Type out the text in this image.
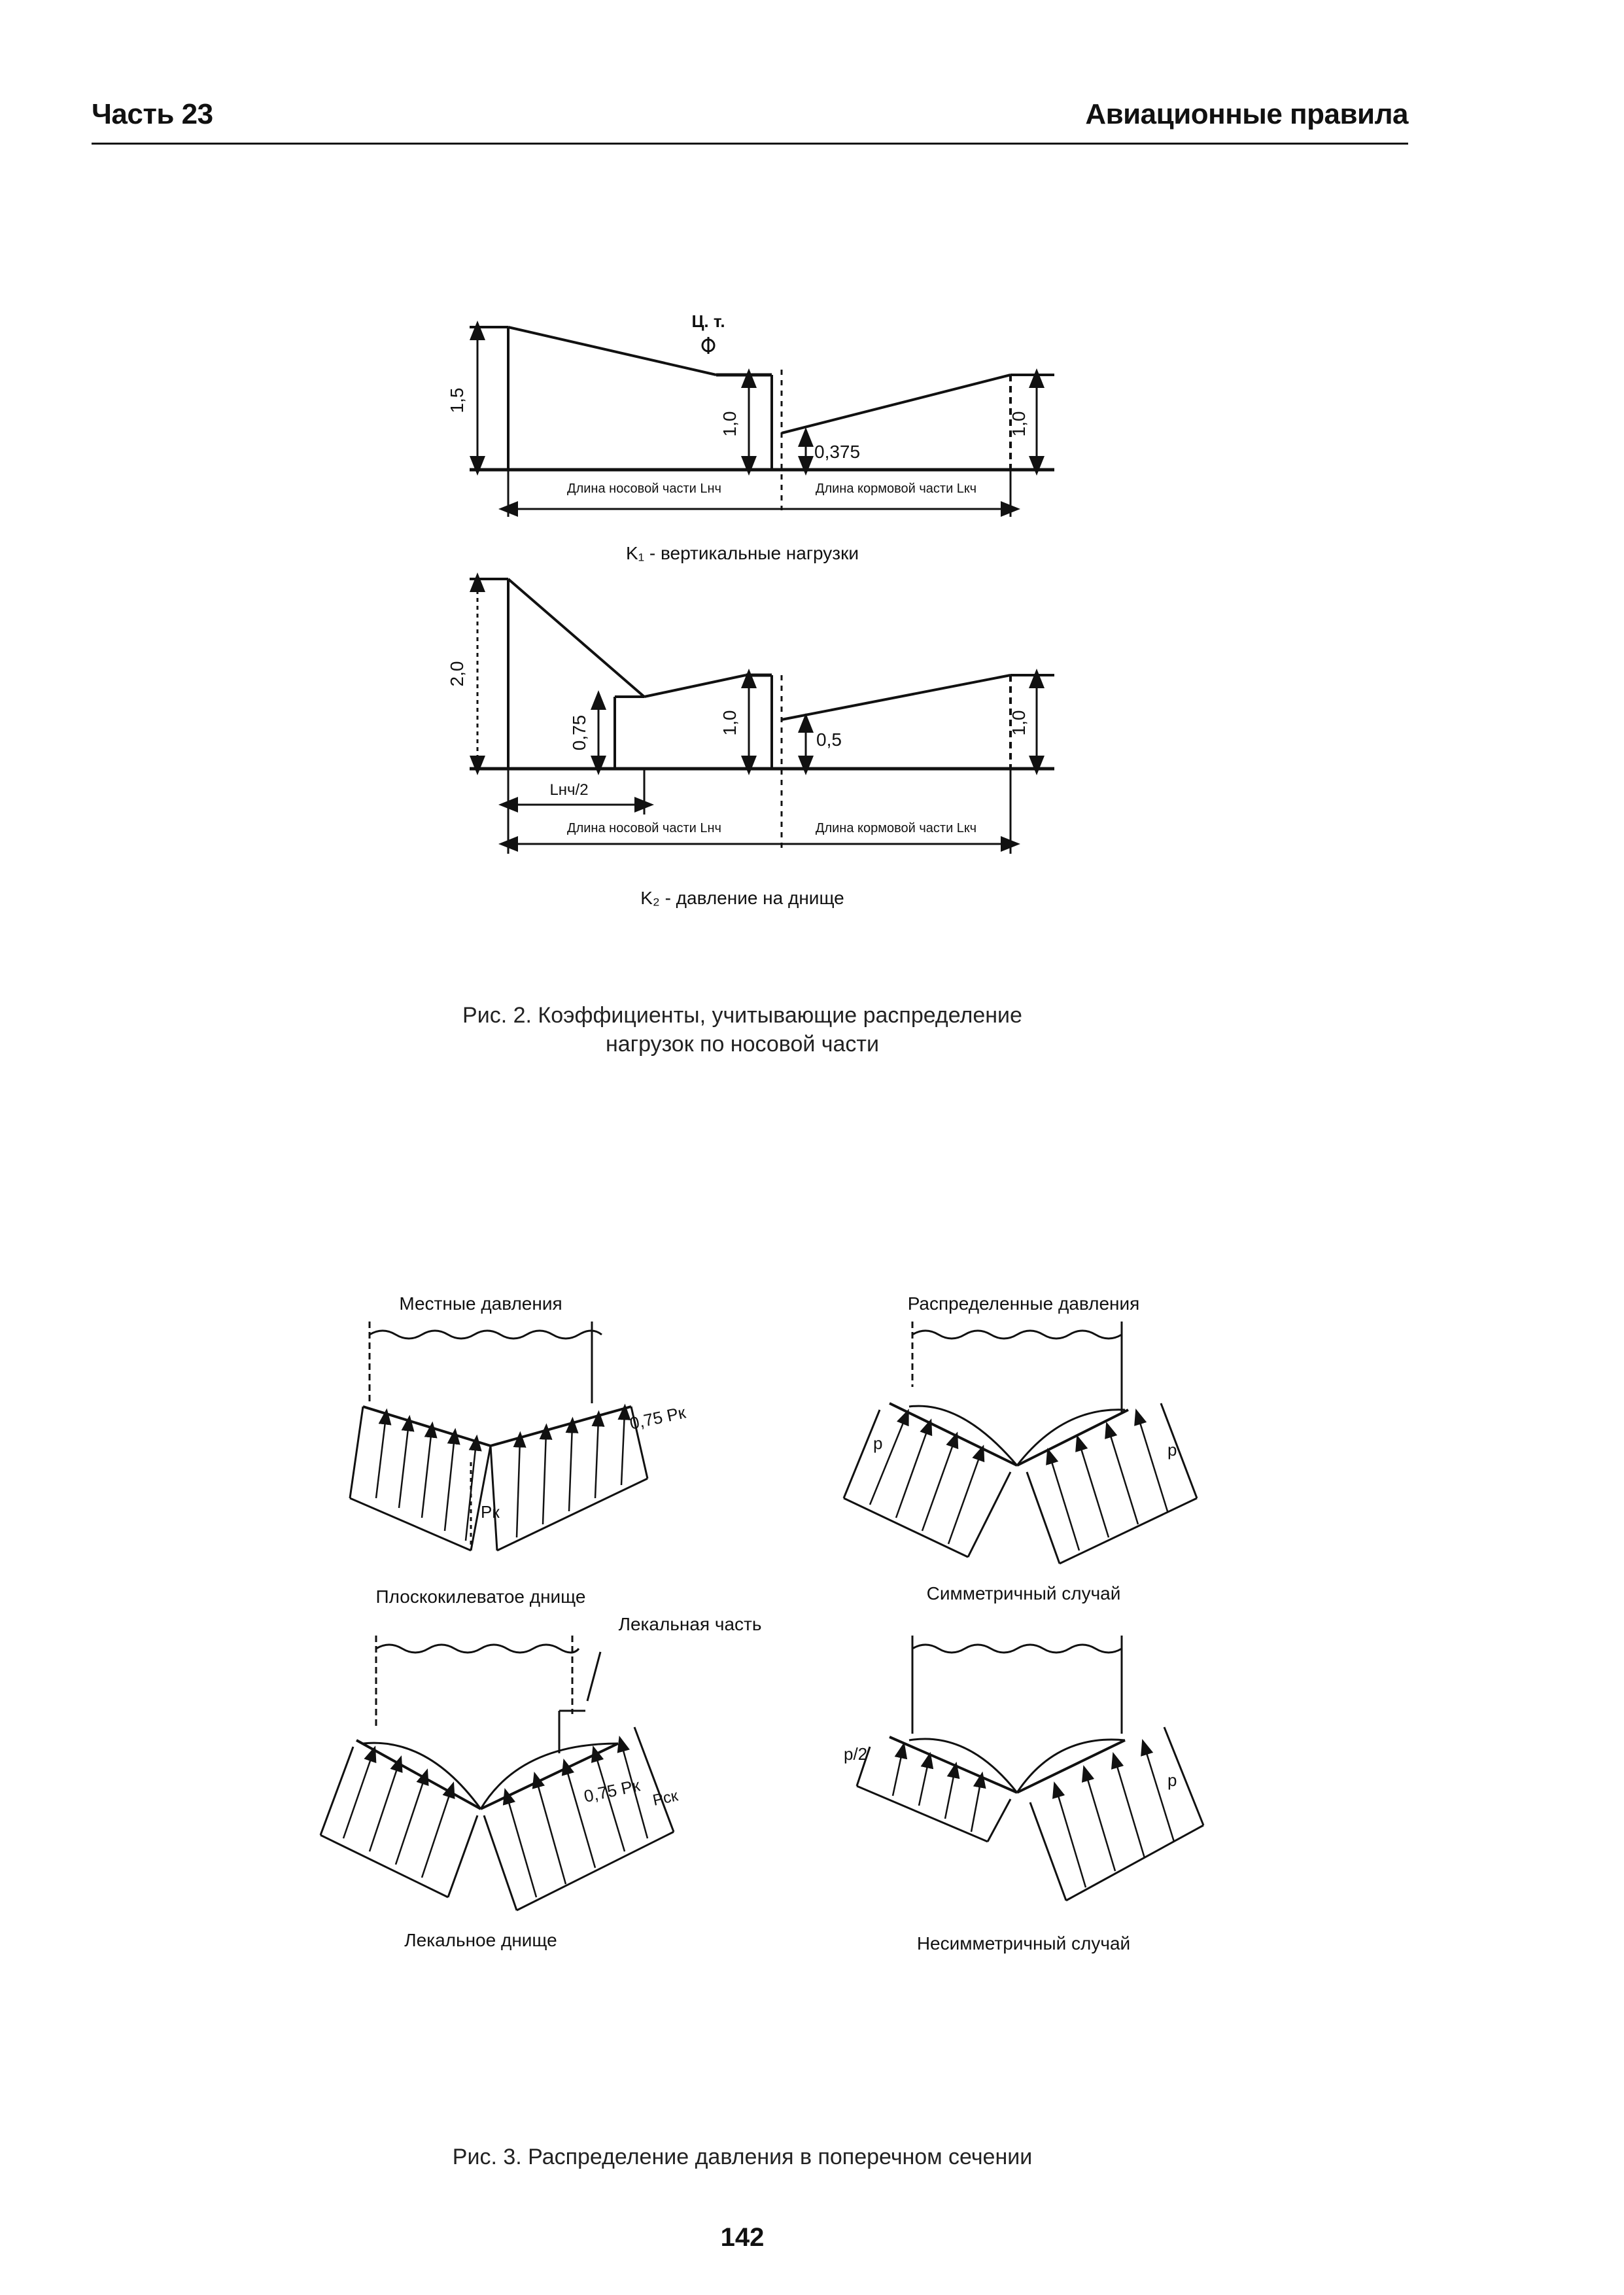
Часть 23	Авиационные правила
Ц. т.
1,5
1,0	1,0
0,375
Длина носовой части Lнч	Длина кормовой части Lкч
K₁ - вертикальные нагрузки
2,0
0,75	1,0	1,0
0,5
Lнч/2
Длина носовой части Lнч	Длина кормовой части Lкч
K₂ - давление на днище
Местные давления
0,75 Pк
Pк
Плоскокилеватое днище
Распределенные давления
p	p
Симметричный случай
Лекальная часть
0,75 Pк Pск
Лекальное днище
p/2
p
Несимметричный случай
Рис. 2. Коэффициенты, учитывающие распределение
нагрузок по носовой части
Рис. 3. Распределение давления в поперечном сечении
142
